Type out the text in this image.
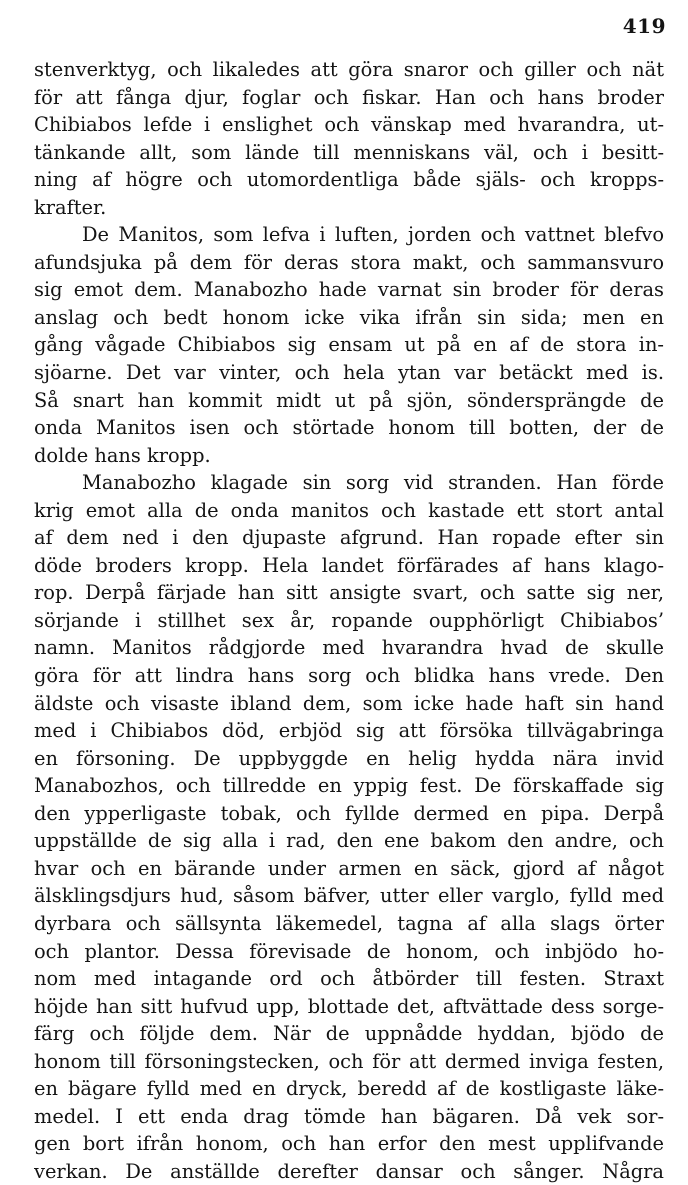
419
stenverktyg, och likaledes att göra snaror och giller och nät
för att fånga djur, foglar och fiskar. Han och hans broder
Chibiabos lefde i enslighet och vänskap med hvarandra, ut-
tänkande allt, som lände till menniskans väl, och i besitt-
ning af högre och utomordentliga både själs- och kropps-
krafter.
De Manitos, som lefva i luften, jorden och vattnet blefvo
afundsjuka på dem för deras stora makt, och sammansvuro
sig emot dem. Manabozho hade varnat sin broder för deras
anslag och bedt honom icke vika ifrån sin sida; men en
gång vågade Chibiabos sig ensam ut på en af de stora in-
sjöarne. Det var vinter, och hela ytan var betäckt med is.
Så snart han kommit midt ut på sjön, söndersprängde de
onda Manitos isen och störtade honom till botten, der de
dolde hans kropp.
Manabozho klagade sin sorg vid stranden. Han förde
krig emot alla de onda manitos och kastade ett stort antal
af dem ned i den djupaste afgrund. Han ropade efter sin
döde broders kropp. Hela landet förfärades af hans klago-
rop. Derpå färjade han sitt ansigte svart, och satte sig ner,
sörjande i stillhet sex år, ropande oupphörligt Chibiabos’
namn. Manitos rådgjorde med hvarandra hvad de skulle
göra för att lindra hans sorg och blidka hans vrede. Den
äldste och visaste ibland dem, som icke hade haft sin hand
med i Chibiabos död, erbjöd sig att försöka tillvägabringa
en försoning. De uppbyggde en helig hydda nära invid
Manabozhos, och tillredde en yppig fest. De förskaffade sig
den ypperligaste tobak, och fyllde dermed en pipa. Derpå
uppställde de sig alla i rad, den ene bakom den andre, och
hvar och en bärande under armen en säck, gjord af något
älsklingsdjurs hud, såsom bäfver, utter eller varglo, fylld med
dyrbara och sällsynta läkemedel, tagna af alla slags örter
och plantor. Dessa förevisade de honom, och inbjödo ho-
nom med intagande ord och åtbörder till festen. Straxt
höjde han sitt hufvud upp, blottade det, aftvättade dess sorge-
färg och följde dem. När de uppnådde hyddan, bjödo de
honom till försoningstecken, och för att dermed inviga festen,
en bägare fylld med en dryck, beredd af de kostligaste läke-
medel. I ett enda drag tömde han bägaren. Då vek sor-
gen bort ifrån honom, och han erfor den mest upplifvande
verkan. De anställde derefter dansar och sånger. Några
